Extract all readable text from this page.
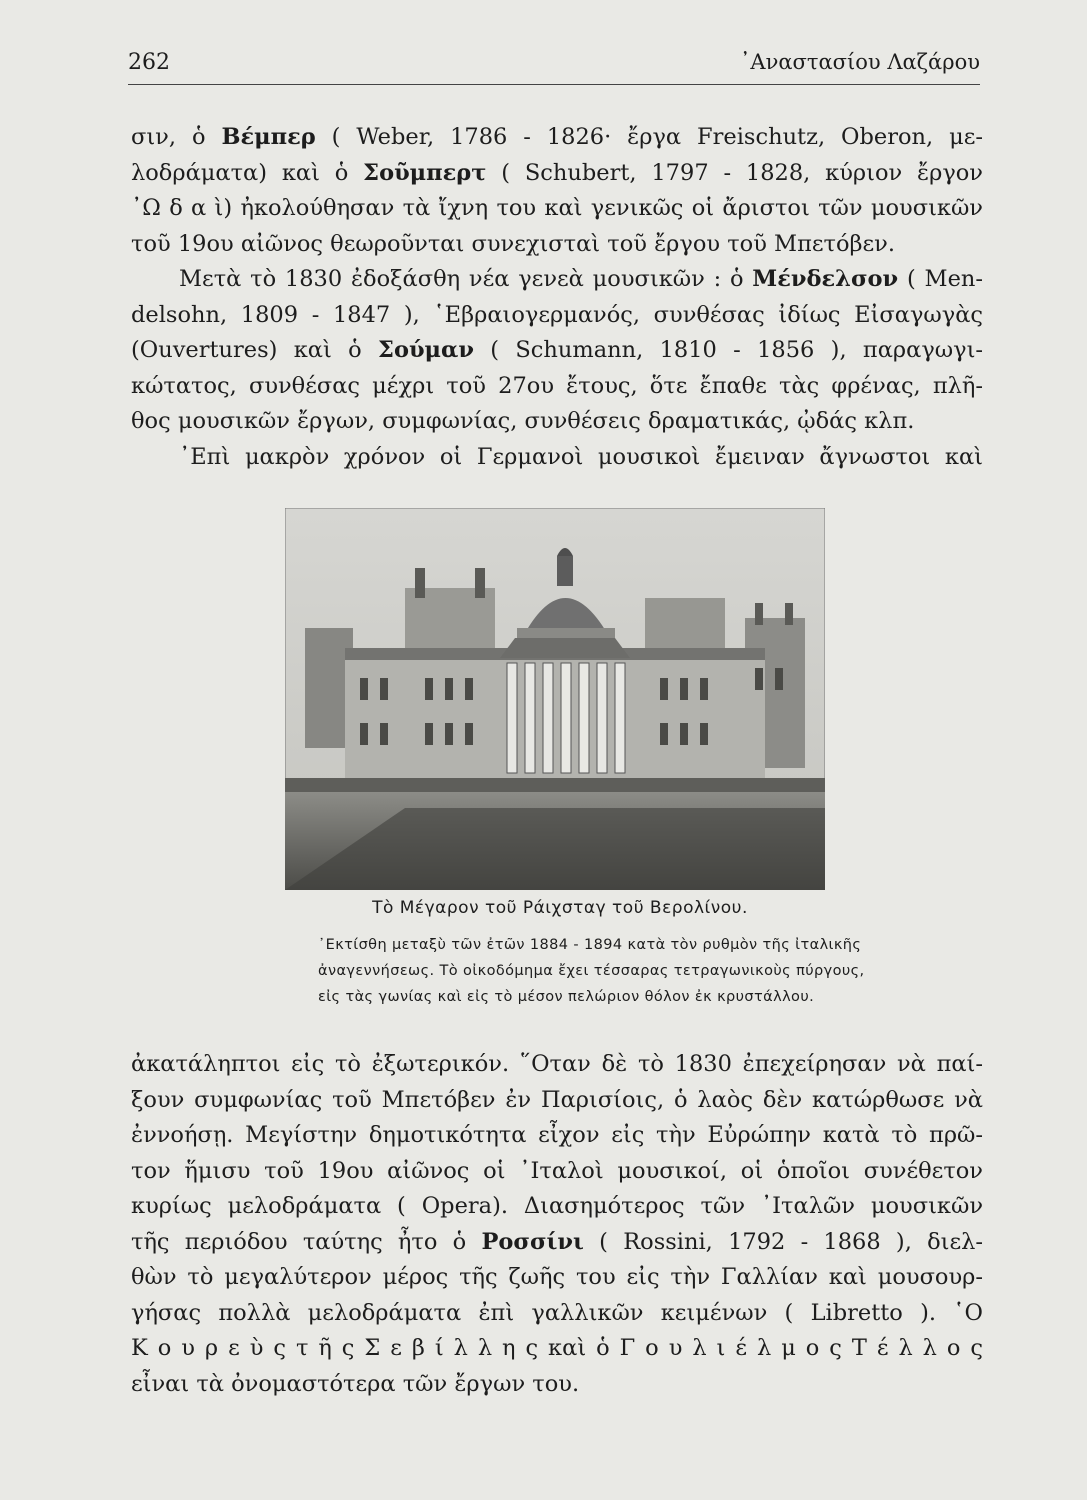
262	᾿Αναστασίου Λαζάρου
σιν, ὁ Βέμπερ ( Weber, 1786 - 1826· ἔργα Freischutz, Oberon, με-
λοδράματα) καὶ ὁ Σοῦμπερτ ( Schubert, 1797 - 1828, κύριον ἔργον
᾿Ω δ α ὶ) ἠκολούθησαν τὰ ἴχνη του καὶ γενικῶς οἱ ἄριστοι τῶν μουσικῶν
τοῦ 19ου αἰῶνος θεωροῦνται συνεχισταὶ τοῦ ἔργου τοῦ Μπετόβεν.
Μετὰ τὸ 1830 ἐδοξάσθη νέα γενεὰ μουσικῶν : ὁ Μένδελσον ( Men-
delsohn, 1809 - 1847 ), ῾Εβραιογερμανός, συνθέσας ἰδίως Εἰσαγωγὰς
(Ouvertures) καὶ ὁ Σούμαν ( Schumann, 1810 - 1856 ), παραγωγι-
κώτατος, συνθέσας μέχρι τοῦ 27ου ἔτους, ὅτε ἔπαθε τὰς φρένας, πλῆ-
θος μουσικῶν ἔργων, συμφωνίας, συνθέσεις δραματικάς, ᾠδάς κλπ.
᾿Επὶ μακρὸν χρόνον οἱ Γερμανοὶ μουσικοὶ ἔμειναν ἄγνωστοι καὶ
Τὸ Μέγαρον τοῦ Ράιχσταγ τοῦ Βερολίνου.
᾿Εκτίσθη μεταξὺ τῶν ἐτῶν 1884 - 1894 κατὰ τὸν ρυθμὸν τῆς ἰταλικῆς
ἀναγεννήσεως. Τὸ οἰκοδόμημα ἔχει τέσσαρας τετραγωνικοὺς πύργους,
εἰς τὰς γωνίας καὶ εἰς τὸ μέσον πελώριον θόλον ἐκ κρυστάλλου.
ἀκατάληπτοι εἰς τὸ ἐξωτερικόν. ῞Οταν δὲ τὸ 1830 ἐπεχείρησαν νὰ παί-
ξουν συμφωνίας τοῦ Μπετόβεν ἐν Παρισίοις, ὁ λαὸς δὲν κατώρθωσε νὰ
ἐννοήσῃ. Μεγίστην δημοτικότητα εἶχον εἰς τὴν Εὐρώπην κατὰ τὸ πρῶ-
τον ἥμισυ τοῦ 19ου αἰῶνος οἱ ᾿Ιταλοὶ μουσικοί, οἱ ὁποῖοι συνέθετον
κυρίως μελοδράματα ( Opera). Διασημότερος τῶν ᾿Ιταλῶν μουσικῶν
τῆς περιόδου ταύτης ἦτο ὁ Ροσσίνι ( Rossini, 1792 - 1868 ), διελ-
θὼν τὸ μεγαλύτερον μέρος τῆς ζωῆς του εἰς τὴν Γαλλίαν καὶ μουσουρ-
γήσας πολλὰ μελοδράματα ἐπὶ γαλλικῶν κειμένων ( Libretto ). ῾Ο
Κ ο υ ρ ε ὺ ς τ ῆ ς Σ ε β ί λ λ η ς καὶ ὁ Γ ο υ λ ι έ λ μ ο ς Τ έ λ λ ο ς
εἶναι τὰ ὀνομαστότερα τῶν ἔργων του.
